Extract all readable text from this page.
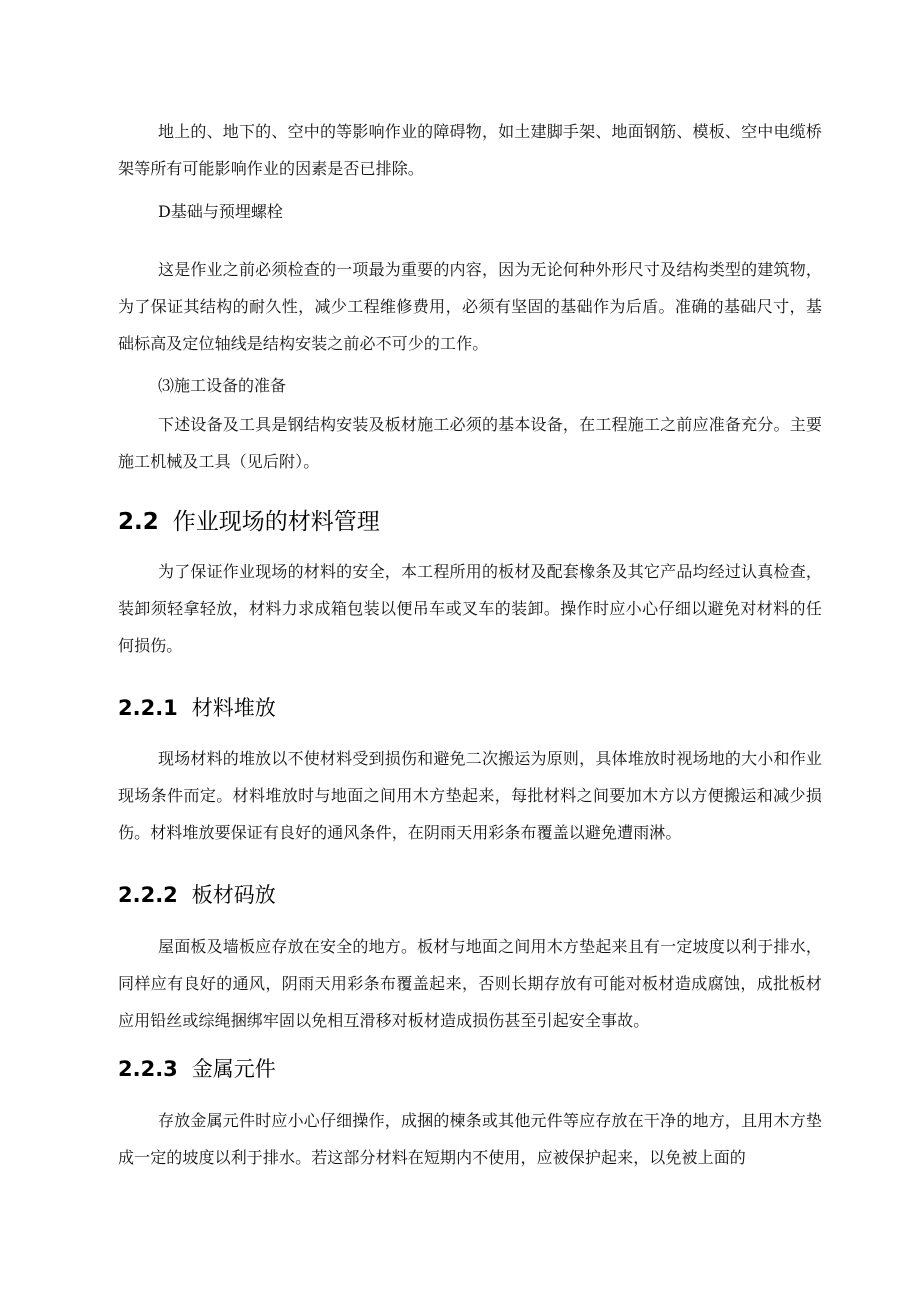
地上的、地下的、空中的等影响作业的障碍物，如土建脚手架、地面钢筋、模板、空中电缆桥架等所有可能影响作业的因素是否已排除。

D基础与预埋螺栓

这是作业之前必须检查的一项最为重要的内容，因为无论何种外形尺寸及结构类型的建筑物，为了保证其结构的耐久性，减少工程维修费用，必须有坚固的基础作为后盾。准确的基础尺寸，基础标高及定位轴线是结构安装之前必不可少的工作。

⑶施工设备的准备

下述设备及工具是钢结构安装及板材施工必须的基本设备，在工程施工之前应准备充分。主要施工机械及工具（见后附）。

2.2 作业现场的材料管理

为了保证作业现场的材料的安全，本工程所用的板材及配套橡条及其它产品均经过认真检查，装卸须轻拿轻放，材料力求成箱包装以便吊车或叉车的装卸。操作时应小心仔细以避免对材料的任何损伤。

2.2.1 材料堆放

现场材料的堆放以不使材料受到损伤和避免二次搬运为原则，具体堆放时视场地的大小和作业现场条件而定。材料堆放时与地面之间用木方垫起来，每批材料之间要加木方以方便搬运和减少损伤。材料堆放要保证有良好的通风条件，在阴雨天用彩条布覆盖以避免遭雨淋。

2.2.2 板材码放

屋面板及墙板应存放在安全的地方。板材与地面之间用木方垫起来且有一定坡度以利于排水，同样应有良好的通风，阴雨天用彩条布覆盖起来，否则长期存放有可能对板材造成腐蚀，成批板材应用铅丝或综绳捆绑牢固以免相互滑移对板材造成损伤甚至引起安全事故。

2.2.3 金属元件

存放金属元件时应小心仔细操作，成捆的楝条或其他元件等应存放在干净的地方，且用木方垫成一定的坡度以利于排水。若这部分材料在短期内不使用，应被保护起来，以免被上面的
